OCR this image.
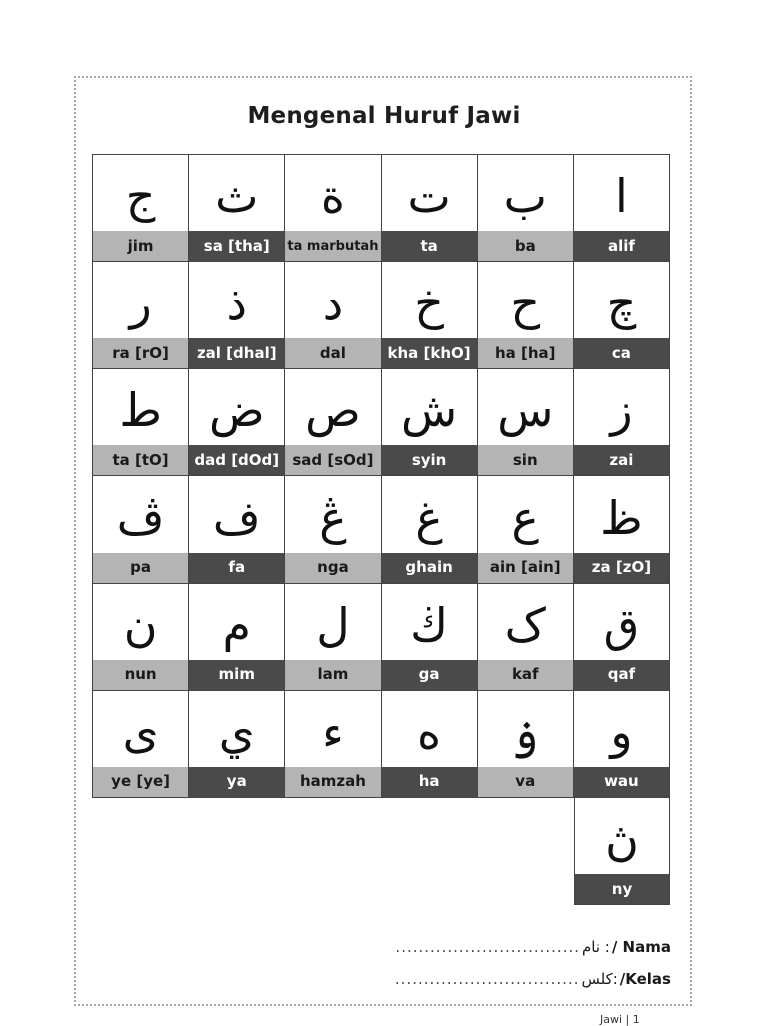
Mengenal Huruf Jawi
ا
alif
ب
ba
ت
ta
ة
ta marbutah
ث
sa [tha]
ج
jim
چ
ca
ح
ha [ha]
خ
kha [khO]
د
dal
ذ
zal [dhal]
ر
ra [rO]
ز
zai
س
sin
ش
syin
ص
sad [sOd]
ض
dad [dOd]
ط
ta [tO]
ظ
za [zO]
ع
ain [ain]
غ
ghain
ڠ
nga
ف
fa
ڤ
pa
ق
qaf
ک
kaf
ڬ
ga
ل
lam
م
mim
ن
nun
و
wau
ۏ
va
ه
ha
ء
hamzah
ي
ya
ى
ye [ye]
ڽ
ny
................................ : نام / Nama
................................ :كلس /Kelas
Jawi | 1
